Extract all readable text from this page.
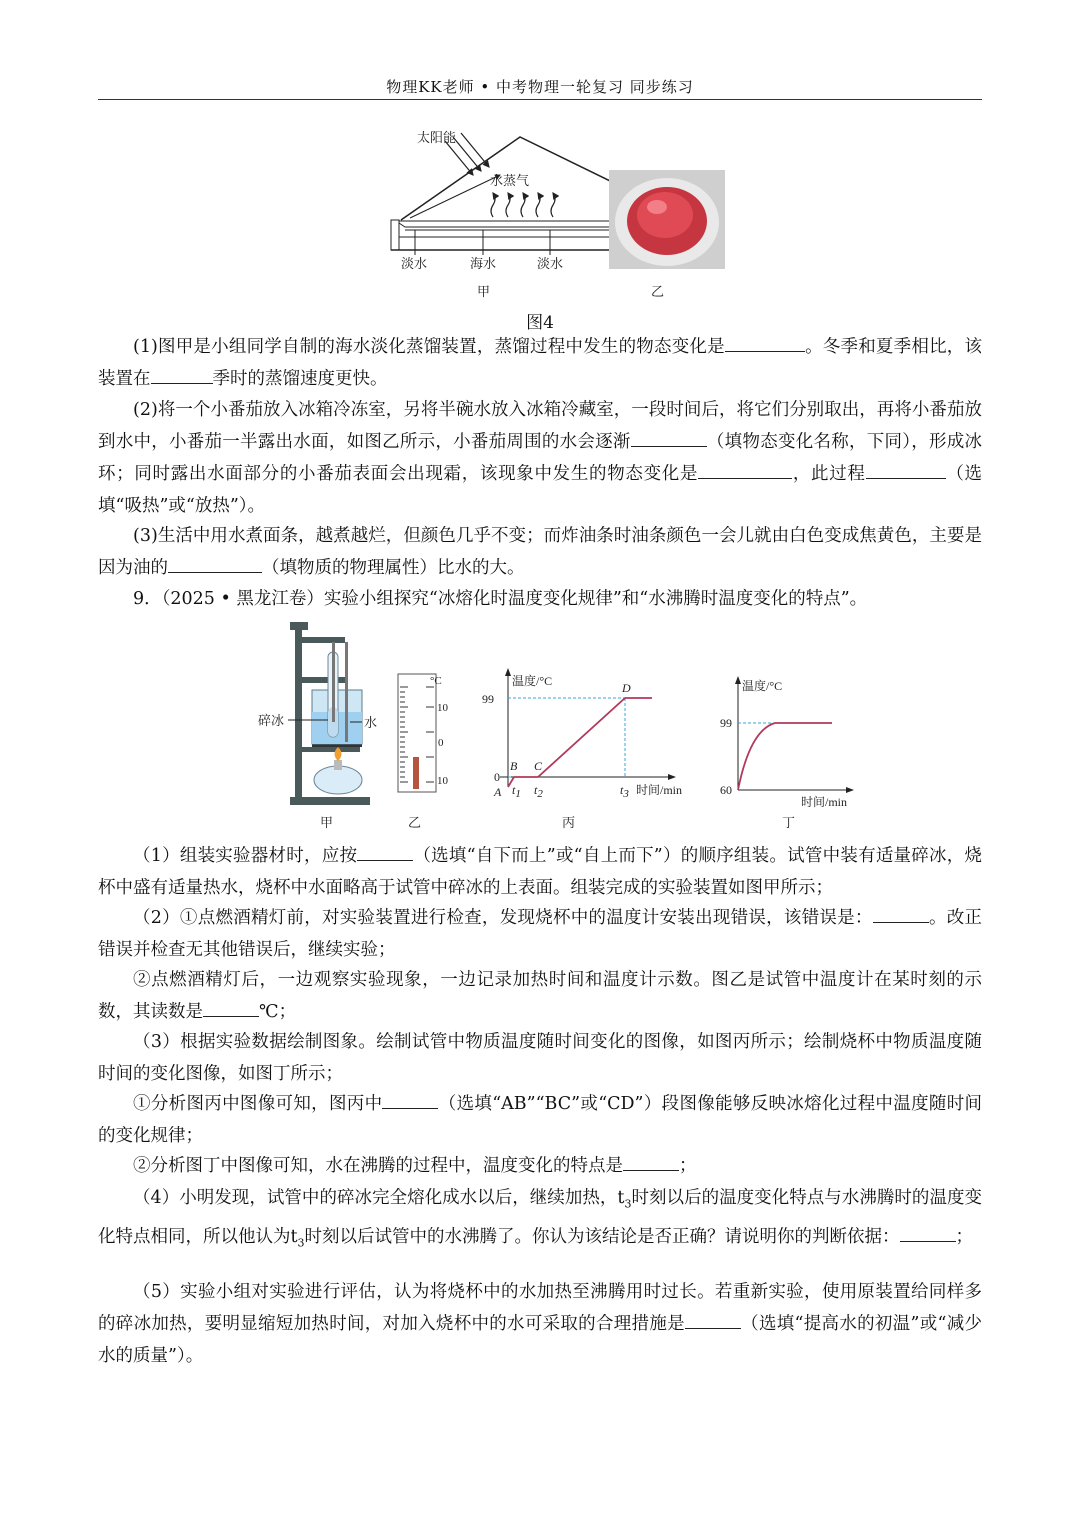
物理KK老师 • 中考物理一轮复习 同步练习
太阳能
水蒸气
淡水	海水	淡水
甲	乙
图4
(1)图甲是小组同学自制的海水淡化蒸馏装置，蒸馏过程中发生的物态变化是	。冬季和夏季相比，该装置在	季时的蒸馏速度更快。
(2)将一个小番茄放入冰箱冷冻室，另将半碗水放入冰箱冷藏室，一段时间后，将它们分别取出，再将小番茄放到水中，小番茄一半露出水面，如图乙所示，小番茄周围的水会逐渐	（填物态变化名称，下同），形成冰环；同时露出水面部分的小番茄表面会出现霜，该现象中发生的物态变化是	，此过程	（选填“吸热”或“放热”）。
(3)生活中用水煮面条，越煮越烂，但颜色几乎不变；而炸油条时油条颜色一会儿就由白色变成焦黄色，主要是因为油的	（填物质的物理属性）比水的大。
9．（2025 • 黑龙江卷）实验小组探究“冰熔化时温度变化规律”和“水沸腾时温度变化的特点”。
碎冰	水
甲
°C
10
0
10
乙
温度/°C
99
0
A
B C
D
t1 t2	t3 时间/min
丙
温度/°C
99
60
时间/min
丁
（1）组装实验器材时，应按	（选填“自下而上”或“自上而下”）的顺序组装。试管中装有适量碎冰，烧杯中盛有适量热水，烧杯中水面略高于试管中碎冰的上表面。组装完成的实验装置如图甲所示；
（2）①点燃酒精灯前，对实验装置进行检查，发现烧杯中的温度计安装出现错误，该错误是：	。改正错误并检查无其他错误后，继续实验；
②点燃酒精灯后，一边观察实验现象，一边记录加热时间和温度计示数。图乙是试管中温度计在某时刻的示数，其读数是	℃；
（3）根据实验数据绘制图象。绘制试管中物质温度随时间变化的图像，如图丙所示；绘制烧杯中物质温度随时间的变化图像，如图丁所示；
①分析图丙中图像可知，图丙中	（选填“AB”“BC”或“CD”）段图像能够反映冰熔化过程中温度随时间的变化规律；
②分析图丁中图像可知，水在沸腾的过程中，温度变化的特点是	；
（4）小明发现，试管中的碎冰完全熔化成水以后，继续加热，$t_3$时刻以后的温度变化特点与水沸腾时的温度变化特点相同，所以他认为$t_3$时刻以后试管中的水沸腾了。你认为该结论是否正确？请说明你的判断依据：	；
（5）实验小组对实验进行评估，认为将烧杯中的水加热至沸腾用时过长。若重新实验，使用原装置给同样多的碎冰加热，要明显缩短加热时间，对加入烧杯中的水可采取的合理措施是	（选填“提高水的初温”或“减少水的质量”）。
